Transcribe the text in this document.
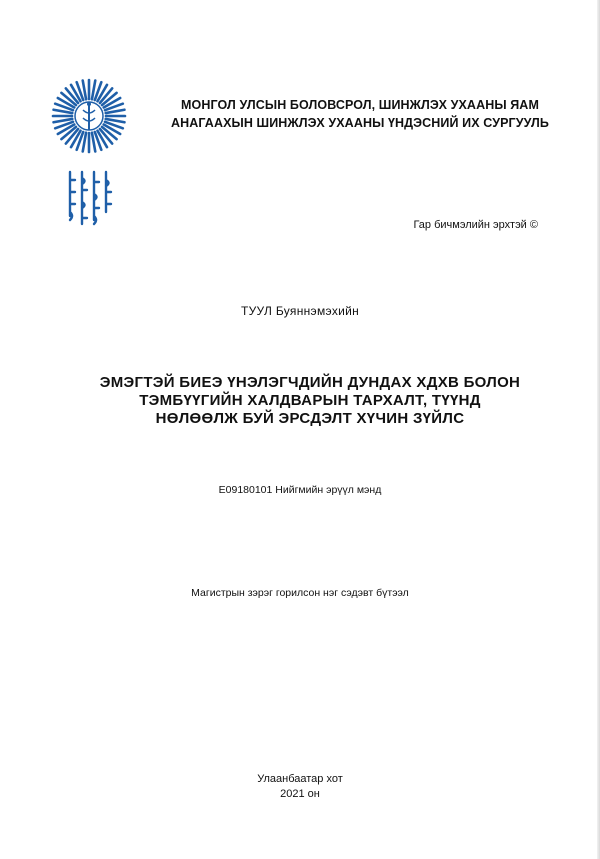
МОНГОЛ УЛСЫН БОЛОВСРОЛ, ШИНЖЛЭХ УХААНЫ ЯАМ
АНАГААХЫН ШИНЖЛЭХ УХААНЫ ҮНДЭСНИЙ ИХ СУРГУУЛЬ
Гар бичмэлийн эрхтэй ©
ТУУЛ Буяннэмэхийн
ЭМЭГТЭЙ БИЕЭ ҮНЭЛЭГЧДИЙН ДУНДАХ ХДХВ БОЛОН
ТЭМБҮҮГИЙН ХАЛДВАРЫН ТАРХАЛТ, ТҮҮНД
НӨЛӨӨЛЖ БУЙ ЭРСДЭЛТ ХҮЧИН ЗҮЙЛС
E09180101 Нийгмийн эрүүл мэнд
Магистрын зэрэг горилсон нэг сэдэвт бүтээл
Улаанбаатар хот
2021 он
